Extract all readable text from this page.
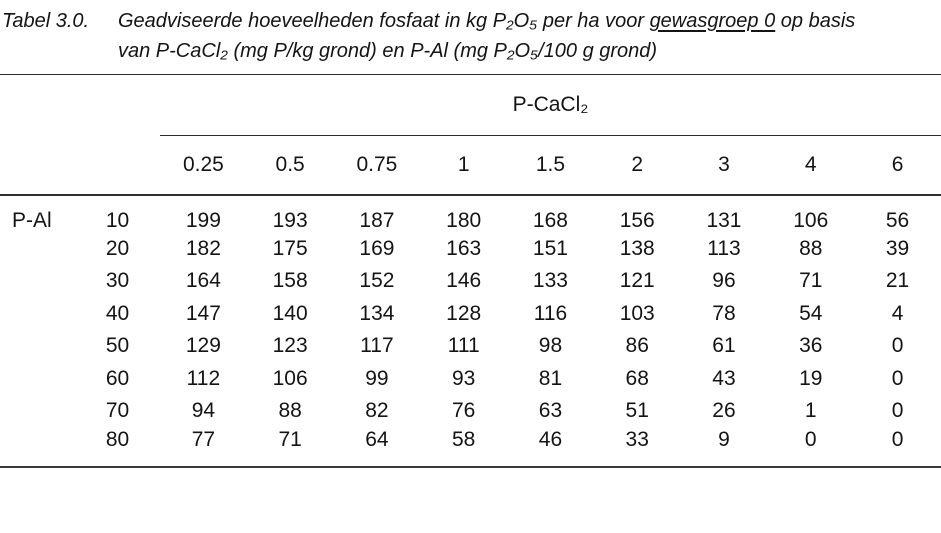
Tabel 3.0.	Geadviseerde hoeveelheden fosfaat in kg P₂O₅ per ha voor gewasgroep 0 op basis
van P-CaCl₂ (mg P/kg grond) en P-Al (mg P₂O₅/100 g grond)
		P-CaCl₂								
		0.25	0.5	0.75	1	1.5	2	3	4	6
P-Al	10	199	193	187	180	168	156	131	106	56
	20	182	175	169	163	151	138	113	88	39
	30	164	158	152	146	133	121	96	71	21
	40	147	140	134	128	116	103	78	54	4
	50	129	123	117	111	98	86	61	36	0
	60	112	106	99	93	81	68	43	19	0
	70	94	88	82	76	63	51	26	1	0
	80	77	71	64	58	46	33	9	0	0
